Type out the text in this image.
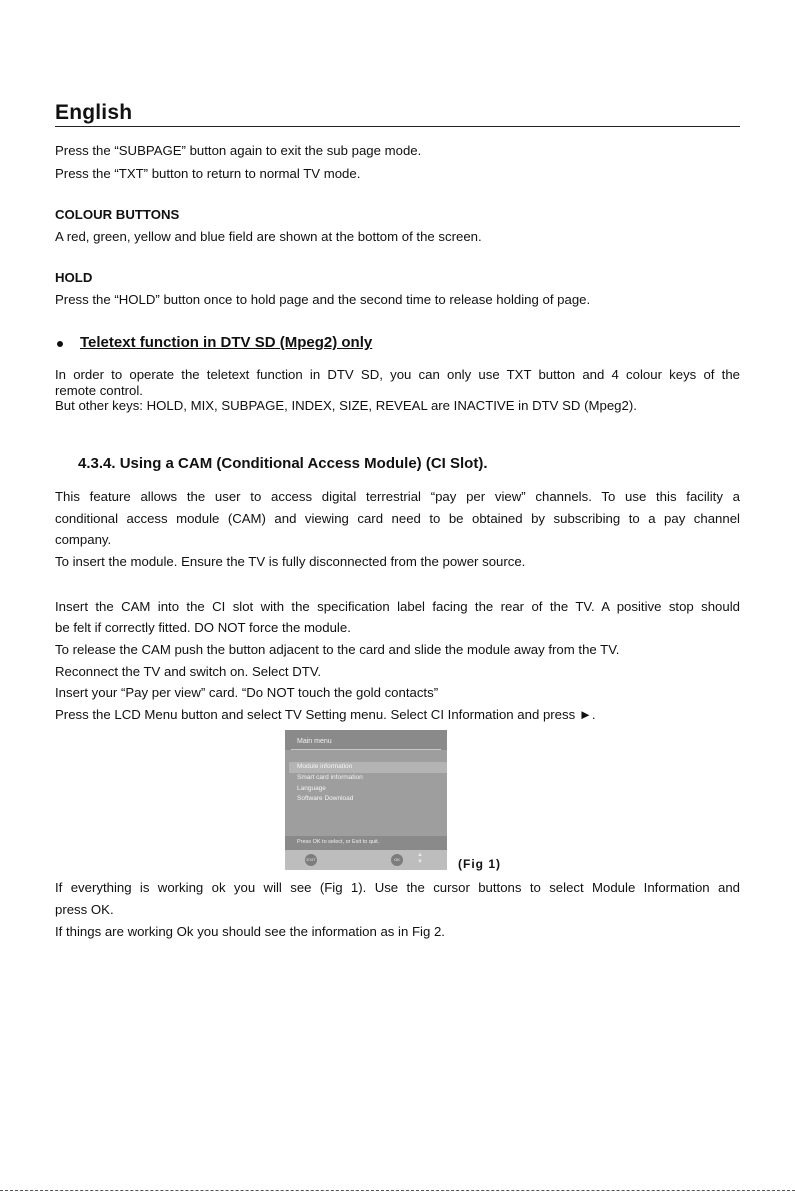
English
Press the “SUBPAGE” button again to exit the sub page mode.
Press the “TXT” button to return to normal TV mode.
COLOUR BUTTONS
A red, green, yellow and blue field are shown at the bottom of the screen.
HOLD
Press the “HOLD” button once to hold page and the second time to release holding of page.
Teletext function in DTV SD (Mpeg2) only
In order to operate the teletext function in DTV SD, you can only use TXT button and 4 colour keys of the
remote control.
But other keys: HOLD, MIX, SUBPAGE, INDEX, SIZE, REVEAL are INACTIVE in DTV SD (Mpeg2).
4.3.4. Using a CAM (Conditional Access Module) (CI Slot).
This feature allows the user to access digital terrestrial “pay per view” channels. To use this facility a
conditional access module (CAM) and viewing card need to be obtained by subscribing to a pay channel
company.
To insert the module. Ensure the TV is fully disconnected from the power source.
Insert the CAM into the CI slot with the specification label facing the rear of the TV. A positive stop should
be felt if correctly fitted. DO NOT force the module.
To release the CAM push the button adjacent to the card and slide the module away from the TV.
Reconnect the TV and switch on. Select DTV.
Insert your “Pay per view” card. “Do NOT touch the gold contacts”
Press the LCD Menu button and select TV Setting menu. Select CI Information and press ►.
Main menu
Module information
Smart card information
Language
Software Download
Press OK to select, or Exit to quit.
EXIT	OK
▲
▼	(Fig 1)
If everything is working ok you will see (Fig 1). Use the cursor buttons to select Module Information and
press OK.
If things are working Ok you should see the information as in Fig 2.
